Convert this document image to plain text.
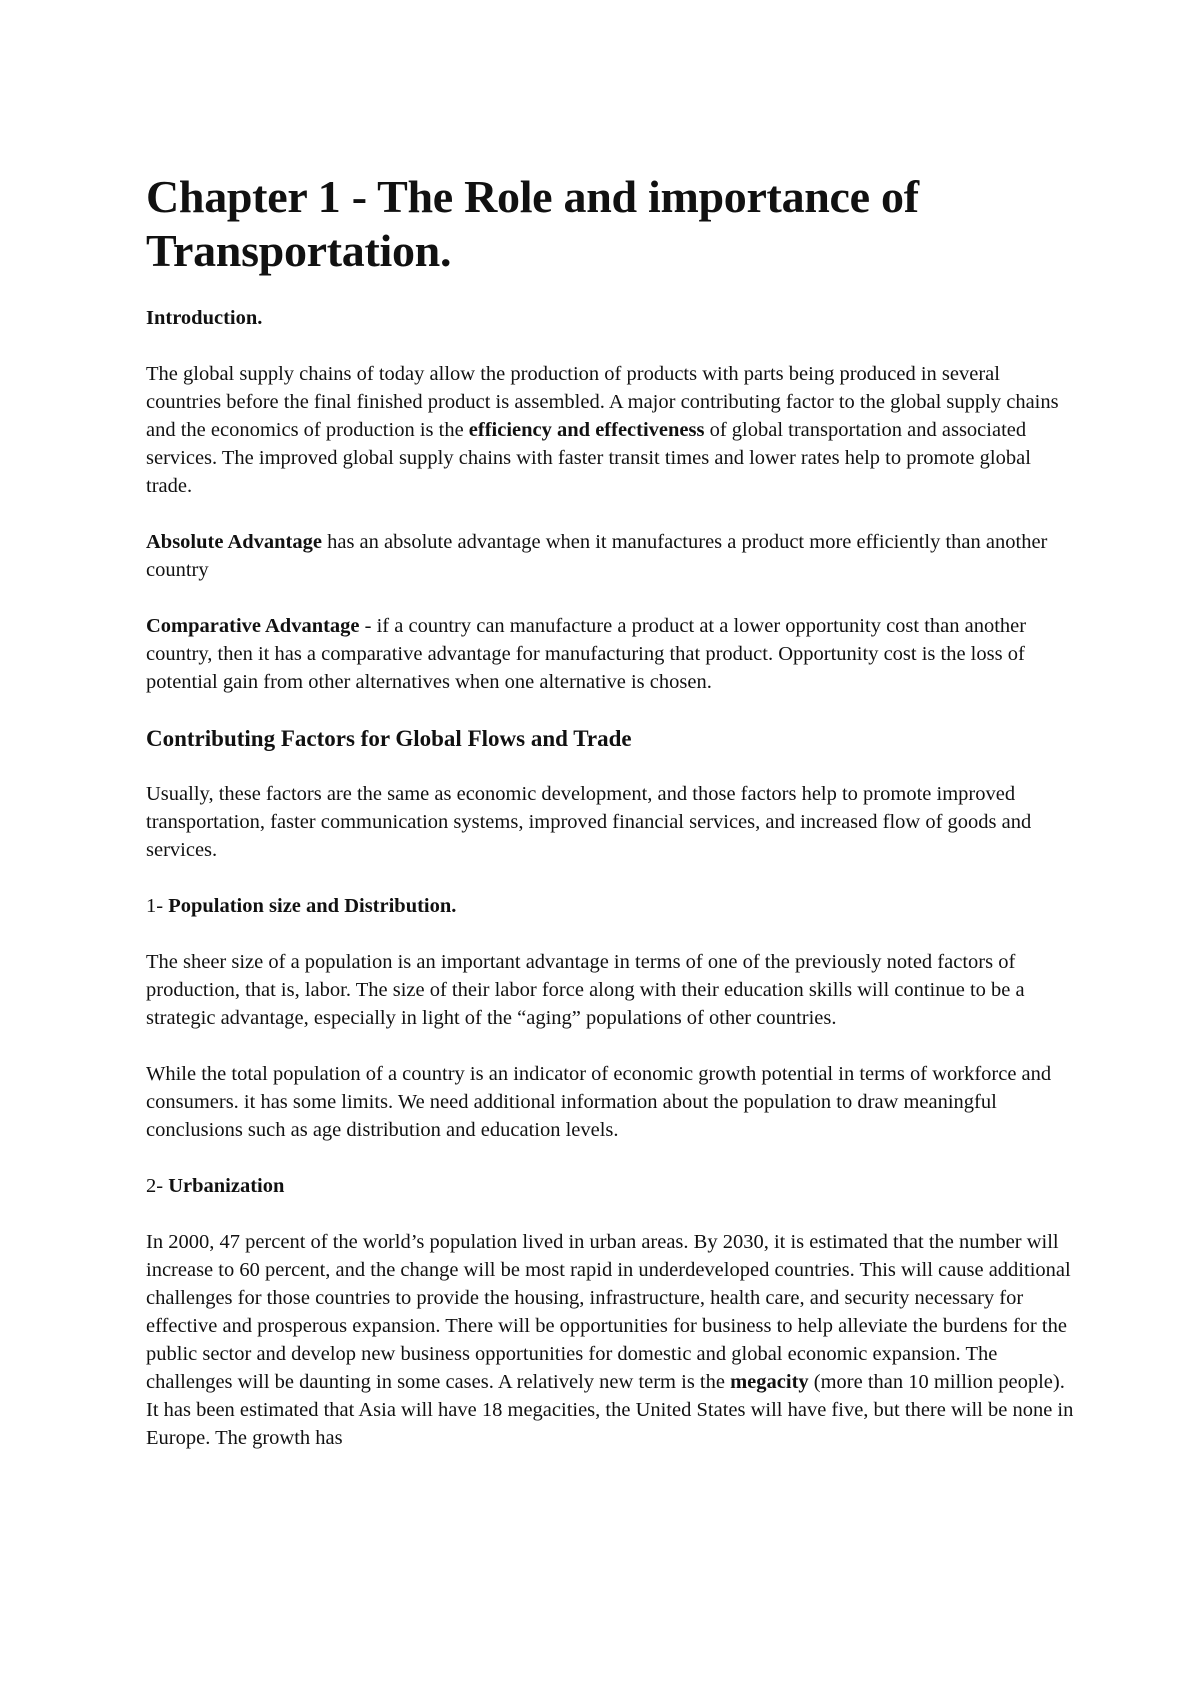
Chapter 1 - The Role and importance of Transportation.
Introduction.

The global supply chains of today allow the production of products with parts being produced in several countries before the final finished product is assembled. A major contributing factor to the global supply chains and the economics of production is the efficiency and effectiveness of global transportation and associated services. The improved global supply chains with faster transit times and lower rates help to promote global trade.

Absolute Advantage has an absolute advantage when it manufactures a product more efficiently than another country

Comparative Advantage - if a country can manufacture a product at a lower opportunity cost than another country, then it has a comparative advantage for manufacturing that product. Opportunity cost is the loss of potential gain from other alternatives when one alternative is chosen.

Contributing Factors for Global Flows and Trade

Usually, these factors are the same as economic development, and those factors help to promote improved transportation, faster communication systems, improved financial services, and increased flow of goods and services.

1- Population size and Distribution.

The sheer size of a population is an important advantage in terms of one of the previously noted factors of production, that is, labor. The size of their labor force along with their education skills will continue to be a strategic advantage, especially in light of the “aging” populations of other countries.

While the total population of a country is an indicator of economic growth potential in terms of workforce and consumers. it has some limits. We need additional information about the population to draw meaningful conclusions such as age distribution and education levels.

2- Urbanization

In 2000, 47 percent of the world’s population lived in urban areas. By 2030, it is estimated that the number will increase to 60 percent, and the change will be most rapid in underdeveloped countries. This will cause additional challenges for those countries to provide the housing, infrastructure, health care, and security necessary for effective and prosperous expansion. There will be opportunities for business to help alleviate the burdens for the public sector and develop new business opportunities for domestic and global economic expansion. The challenges will be daunting in some cases. A relatively new term is the megacity (more than 10 million people). It has been estimated that Asia will have 18 megacities, the United States will have five, but there will be none in Europe. The growth has
